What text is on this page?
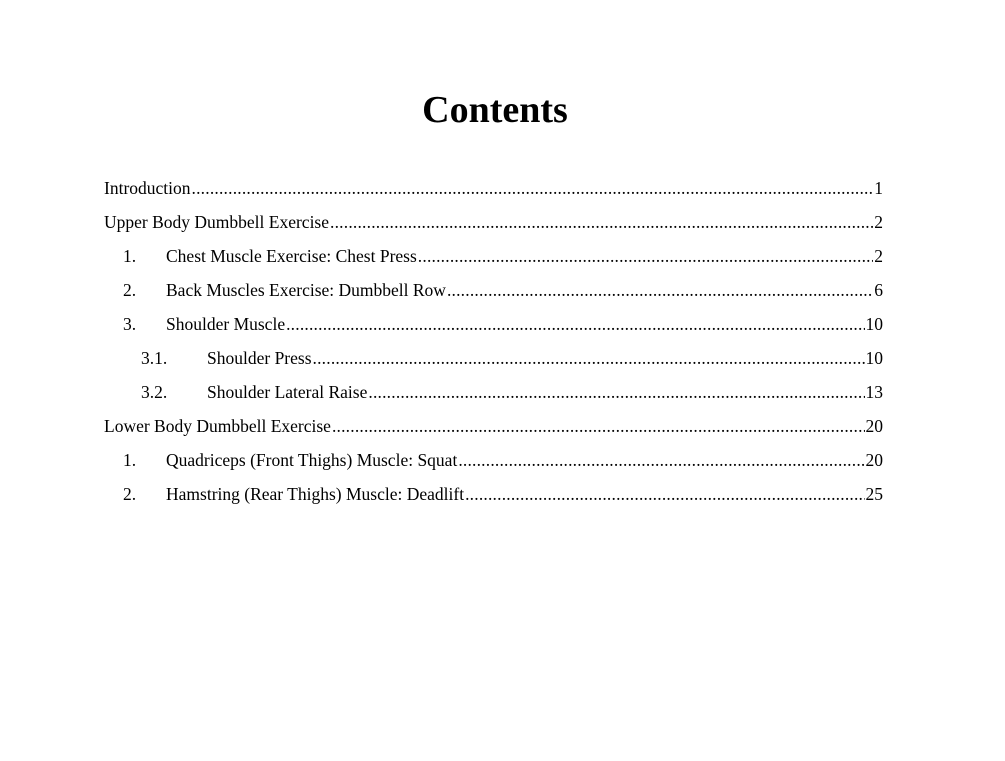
Contents
Introduction .....	1
Upper Body Dumbbell Exercise .....	2
1.	Chest Muscle Exercise: Chest Press .....	2
2.	Back Muscles Exercise: Dumbbell Row .....	6
3.	Shoulder Muscle .....	10
3.1.	Shoulder Press .....	10
3.2.	Shoulder Lateral Raise .....	13
Lower Body Dumbbell Exercise .....	20
1.	Quadriceps (Front Thighs) Muscle: Squat .....	20
2.	Hamstring (Rear Thighs) Muscle: Deadlift .....	25
